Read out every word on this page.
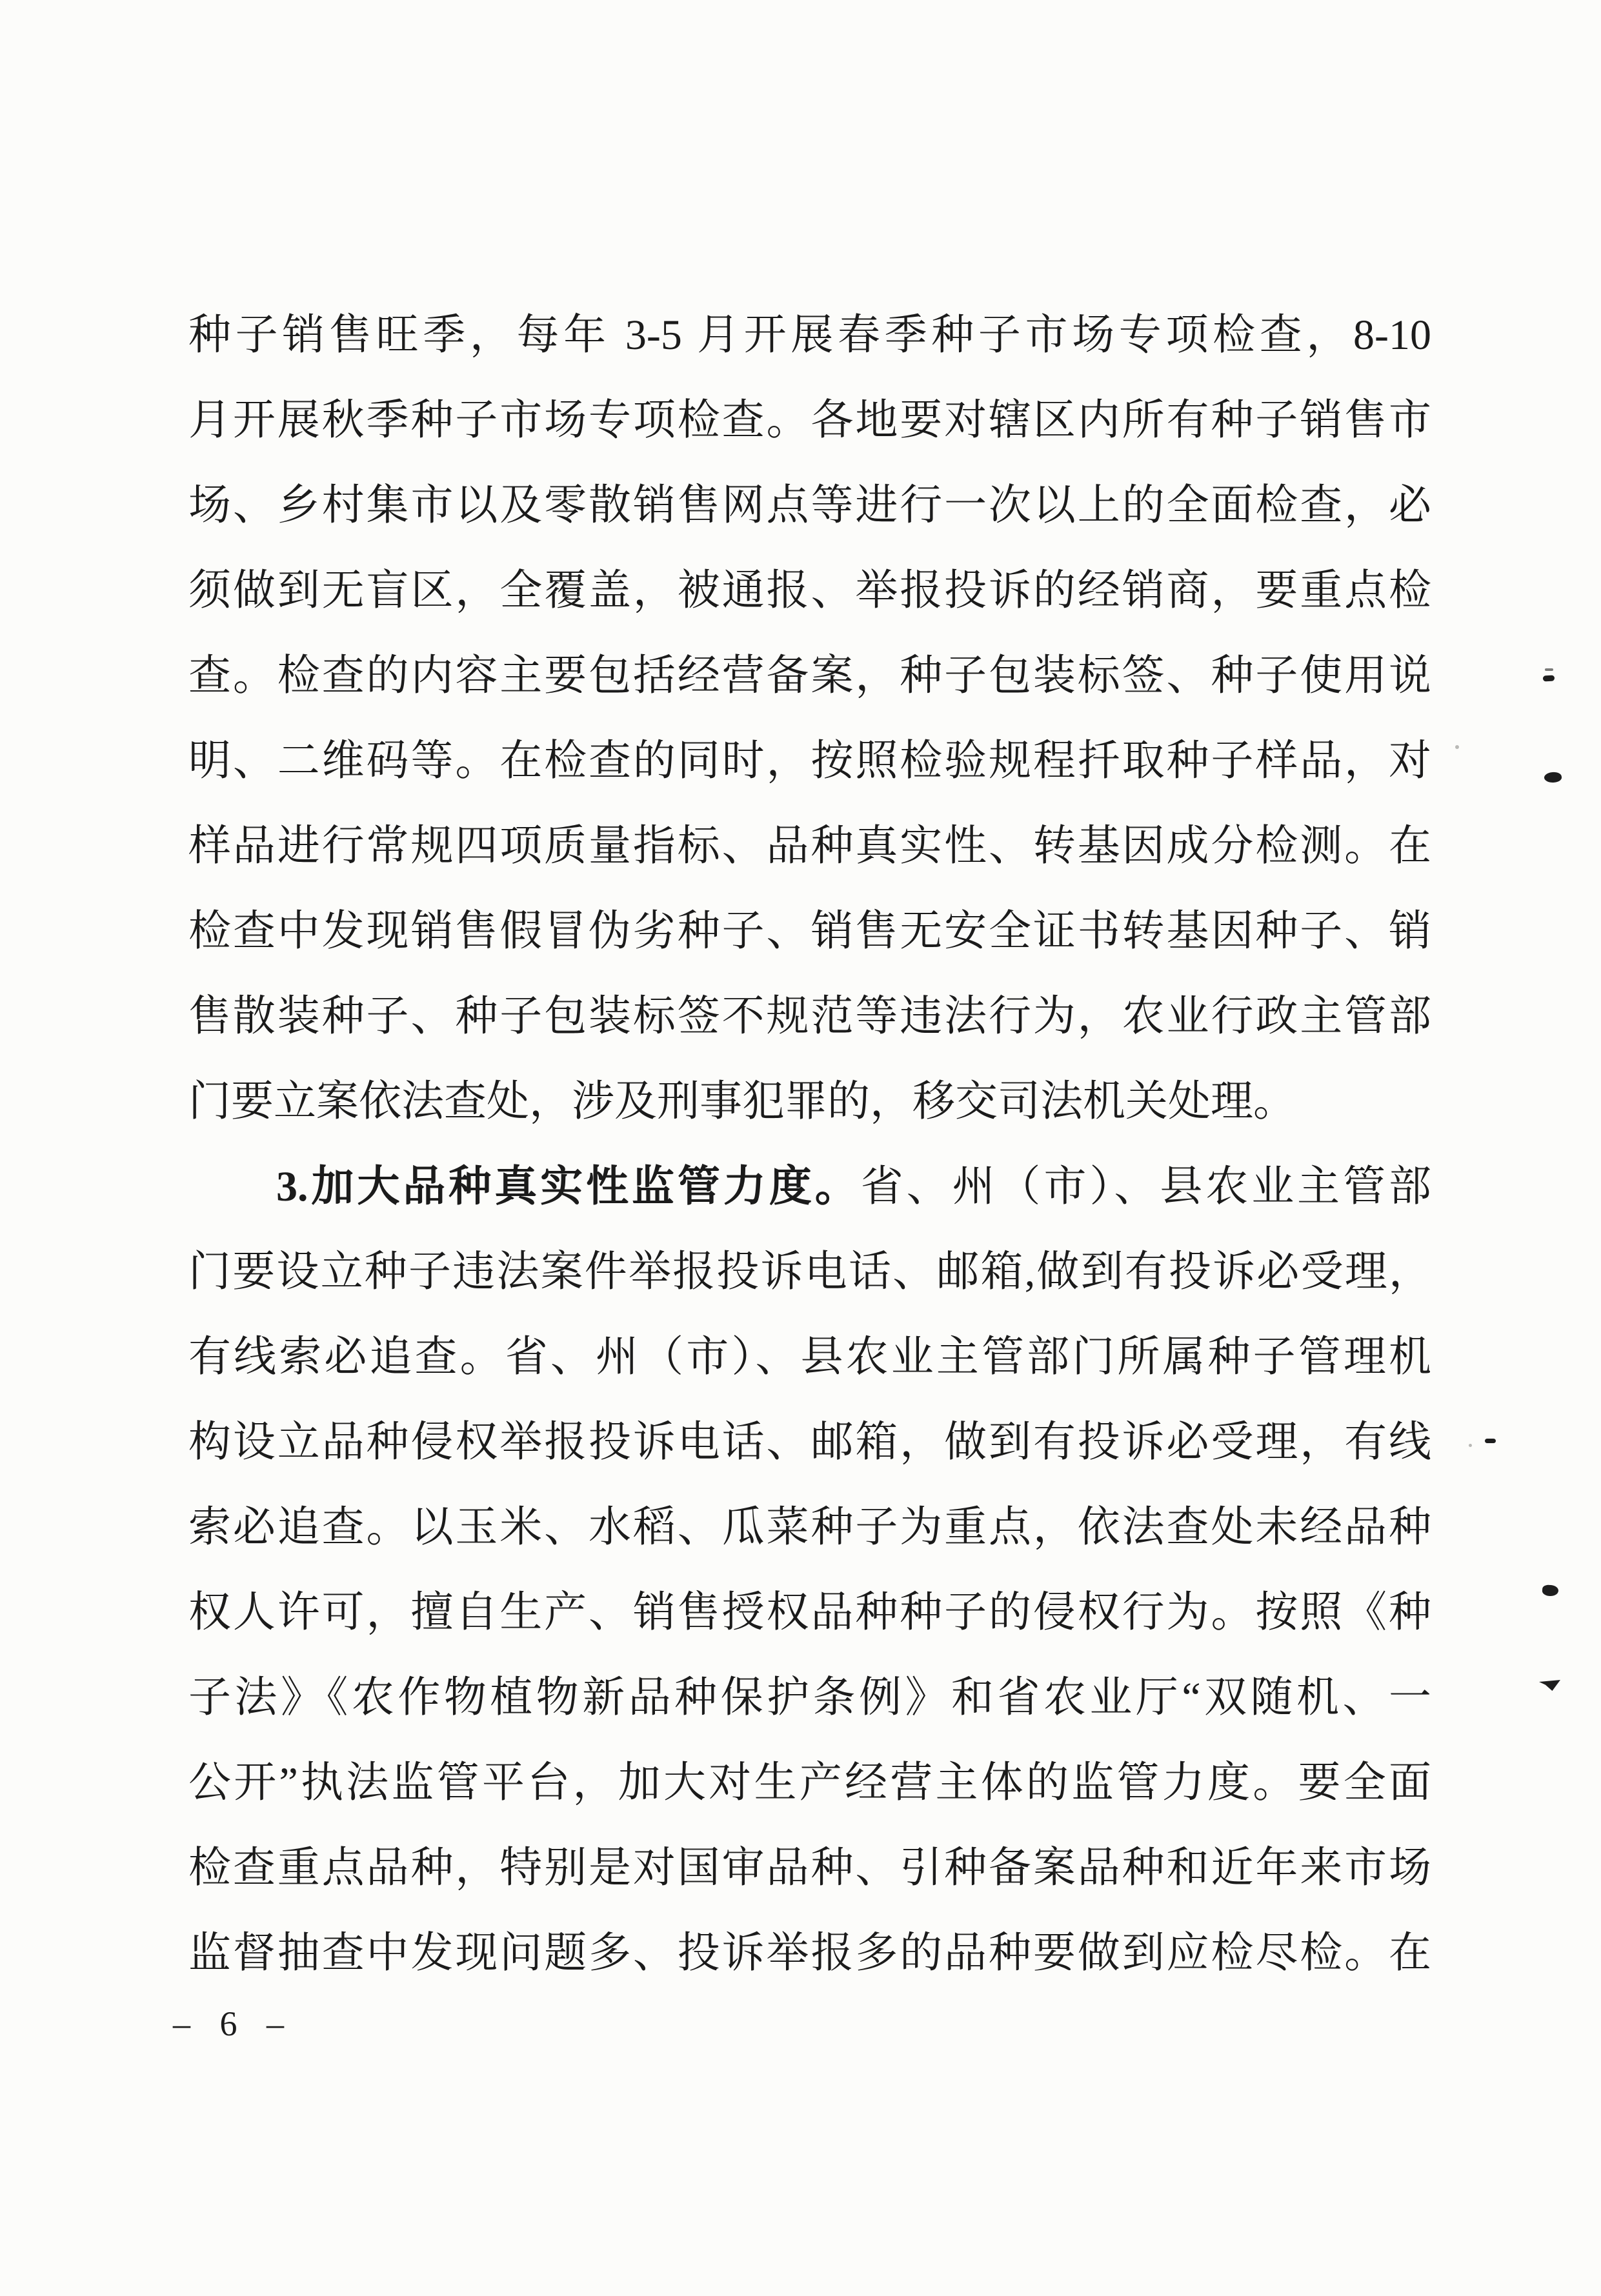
种子销售旺季，每年 3-5 月开展春季种子市场专项检查，8-10
月开展秋季种子市场专项检查。各地要对辖区内所有种子销售市
场、乡村集市以及零散销售网点等进行一次以上的全面检查，必
须做到无盲区，全覆盖，被通报、举报投诉的经销商，要重点检
查。检查的内容主要包括经营备案，种子包装标签、种子使用说
明、二维码等。在检查的同时，按照检验规程扦取种子样品，对
样品进行常规四项质量指标、品种真实性、转基因成分检测。在
检查中发现销售假冒伪劣种子、销售无安全证书转基因种子、销
售散装种子、种子包装标签不规范等违法行为，农业行政主管部
门要立案依法查处，涉及刑事犯罪的，移交司法机关处理。
3.加大品种真实性监管力度。省、州（市）、县农业主管部
门要设立种子违法案件举报投诉电话、邮箱,做到有投诉必受理，
有线索必追查。省、州（市）、县农业主管部门所属种子管理机
构设立品种侵权举报投诉电话、邮箱，做到有投诉必受理，有线
索必追查。以玉米、水稻、瓜菜种子为重点，依法查处未经品种
权人许可，擅自生产、销售授权品种种子的侵权行为。按照《种
子法》《农作物植物新品种保护条例》和省农业厅“双随机、一
公开”执法监管平台，加大对生产经营主体的监管力度。要全面
检查重点品种，特别是对国审品种、引种备案品种和近年来市场
监督抽查中发现问题多、投诉举报多的品种要做到应检尽检。在
– 6 –
